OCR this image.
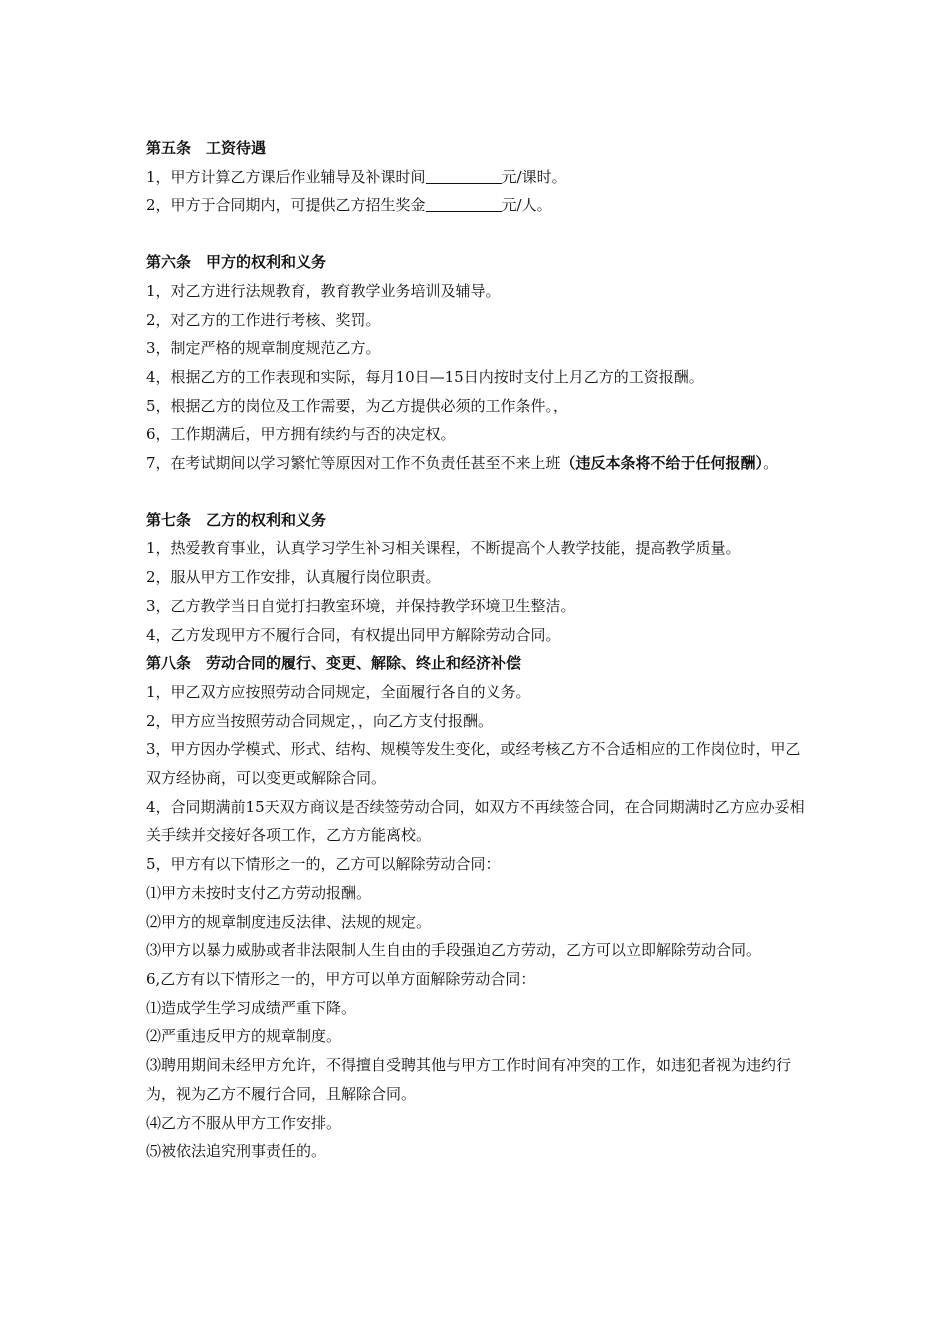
第五条　工资待遇
1，甲方计算乙方课后作业辅导及补课时间	元/课时。
2，甲方于合同期内，可提供乙方招生奖金	元/人。
第六条　甲方的权利和义务
1，对乙方进行法规教育，教育教学业务培训及辅导。
2，对乙方的工作进行考核、奖罚。
3，制定严格的规章制度规范乙方。
4，根据乙方的工作表现和实际，每月10日—15日内按时支付上月乙方的工资报酬。
5，根据乙方的岗位及工作需要，为乙方提供必须的工作条件。，
6，工作期满后，甲方拥有续约与否的决定权。
7，在考试期间以学习繁忙等原因对工作不负责任甚至不来上班（违反本条将不给于任何报酬）。
第七条　乙方的权利和义务
1，热爱教育事业，认真学习学生补习相关课程，不断提高个人教学技能，提高教学质量。
2，服从甲方工作安排，认真履行岗位职责。
3，乙方教学当日自觉打扫教室环境，并保持教学环境卫生整洁。
4，乙方发现甲方不履行合同，有权提出同甲方解除劳动合同。
第八条　劳动合同的履行、变更、解除、终止和经济补偿
1，甲乙双方应按照劳动合同规定，全面履行各自的义务。
2，甲方应当按照劳动合同规定，，向乙方支付报酬。
3，甲方因办学模式、形式、结构、规模等发生变化，或经考核乙方不合适相应的工作岗位时，甲乙双方经协商，可以变更或解除合同。
4，合同期满前15天双方商议是否续签劳动合同，如双方不再续签合同，在合同期满时乙方应办妥相关手续并交接好各项工作，乙方方能离校。
5，甲方有以下情形之一的，乙方可以解除劳动合同：
⑴甲方未按时支付乙方劳动报酬。
⑵甲方的规章制度违反法律、法规的规定。
⑶甲方以暴力威胁或者非法限制人生自由的手段强迫乙方劳动，乙方可以立即解除劳动合同。
6,乙方有以下情形之一的，甲方可以单方面解除劳动合同：
⑴造成学生学习成绩严重下降。
⑵严重违反甲方的规章制度。
⑶聘用期间未经甲方允许，不得擅自受聘其他与甲方工作时间有冲突的工作，如违犯者视为违约行为，视为乙方不履行合同，且解除合同。
⑷乙方不服从甲方工作安排。
⑸被依法追究刑事责任的。
